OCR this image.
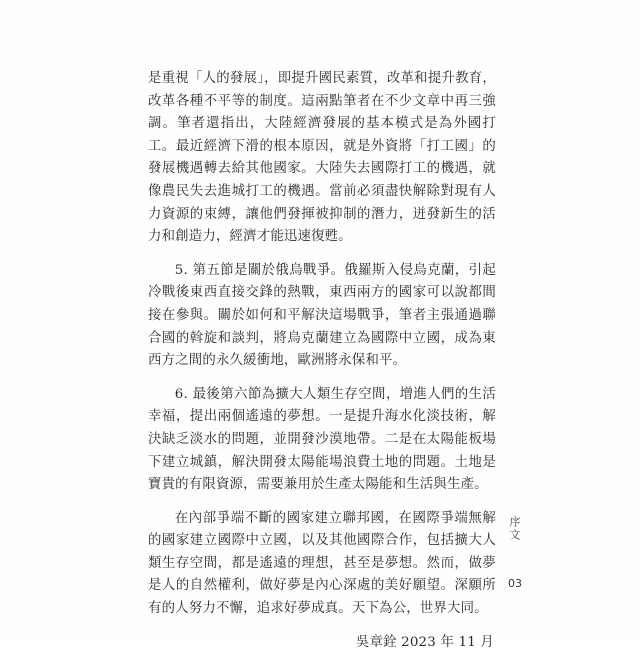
是重視「人的發展」，即提升國民素質，改革和提升教育，改革各種不平等的制度。這兩點筆者在不少文章中再三強調。筆者還指出，大陸經濟發展的基本模式是為外國打工。最近經濟下滑的根本原因，就是外資將「打工國」的發展機遇轉去給其他國家。大陸失去國際打工的機遇，就像農民失去進城打工的機遇。當前必須盡快解除對現有人力資源的束縛，讓他們發揮被抑制的潛力，迸發新生的活力和創造力，經濟才能迅速復甦。

5. 第五節是關於俄烏戰爭。俄羅斯入侵烏克蘭，引起冷戰後東西直接交鋒的熱戰，東西兩方的國家可以說都間接在參與。關於如何和平解決這場戰爭，筆者主張通過聯合國的斡旋和談判，將烏克蘭建立為國際中立國，成為東西方之間的永久緩衝地，歐洲將永保和平。

6. 最後第六節為擴大人類生存空間，增進人們的生活幸福，提出兩個遙遠的夢想。一是提升海水化淡技術，解決缺乏淡水的問題，並開發沙漠地帶。二是在太陽能板場下建立城鎮，解決開發太陽能場浪費土地的問題。土地是寶貴的有限資源，需要兼用於生產太陽能和生活與生產。

在內部爭端不斷的國家建立聯邦國，在國際爭端無解的國家建立國際中立國，以及其他國際合作，包括擴大人類生存空間，都是遙遠的理想，甚至是夢想。然而，做夢是人的自然權利，做好夢是內心深處的美好願望。深願所有的人努力不懈，追求好夢成真。天下為公，世界大同。

吳章銓 2023 年 11 月

序文
03
